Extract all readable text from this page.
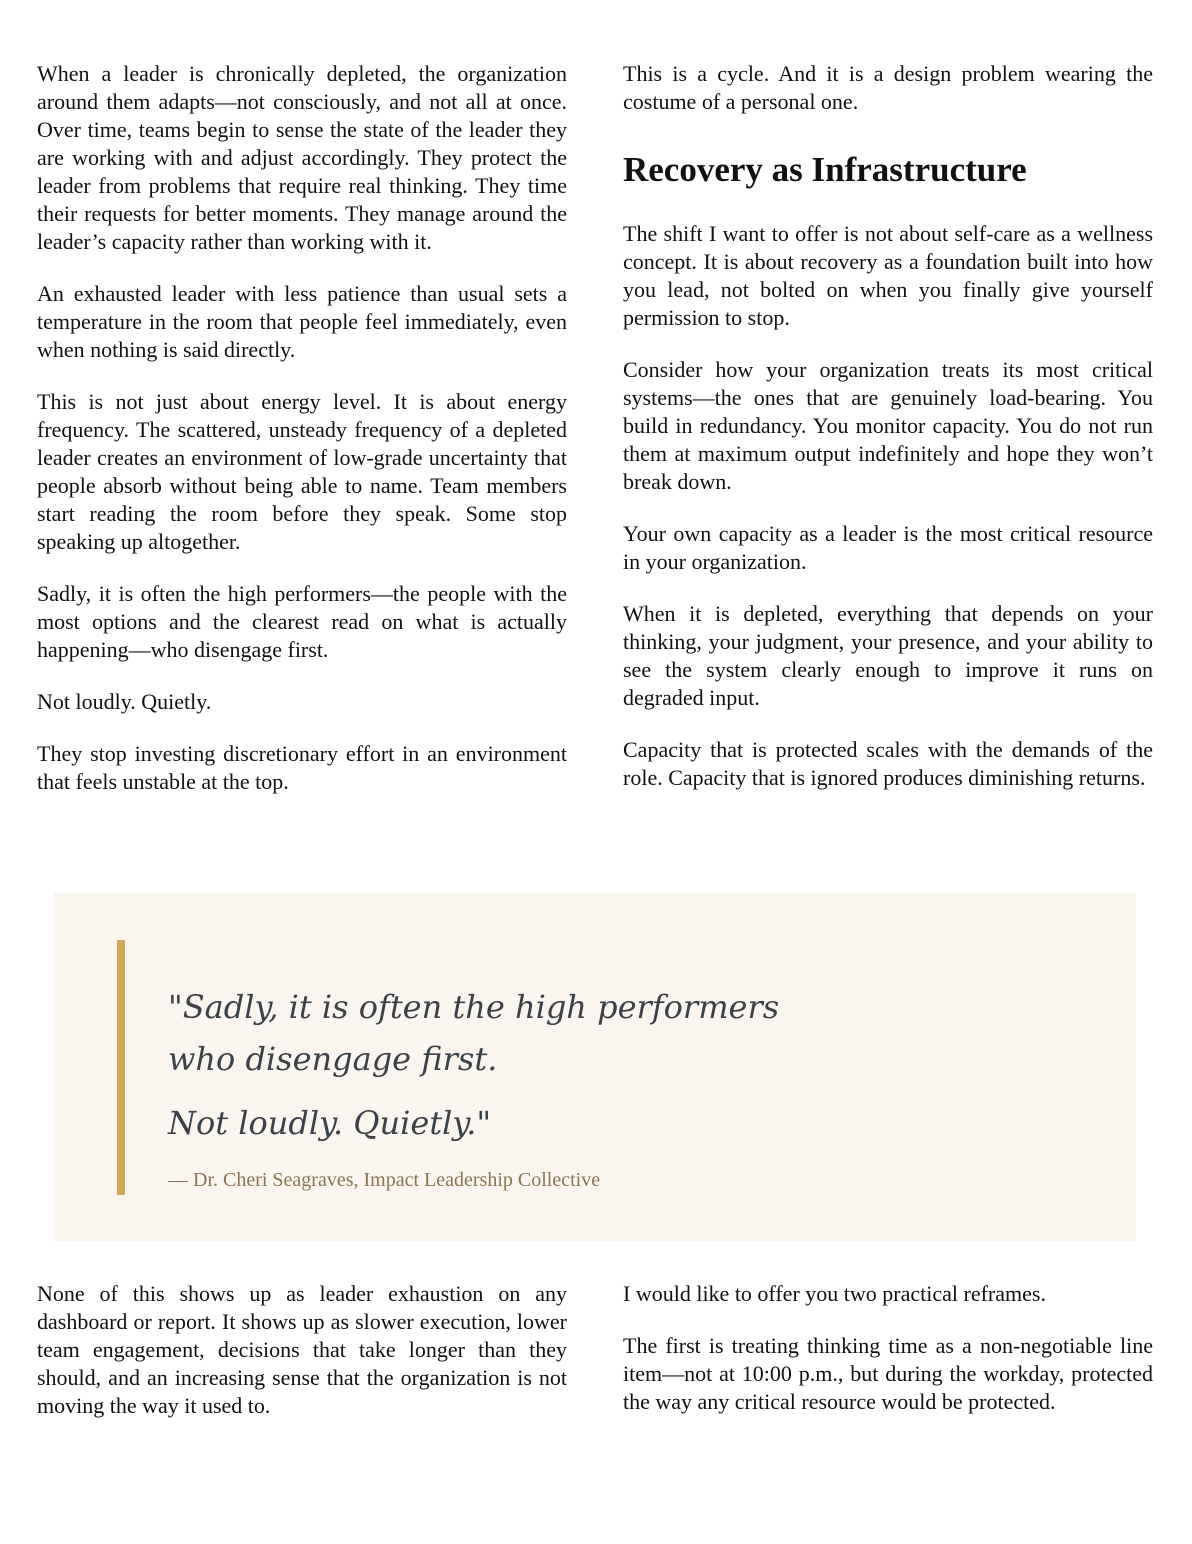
When a leader is chronically depleted, the organization around them adapts—not consciously, and not all at once. Over time, teams begin to sense the state of the leader they are working with and adjust accordingly. They protect the leader from problems that require real thinking. They time their requests for better moments. They manage around the leader’s capacity rather than working with it.

An exhausted leader with less patience than usual sets a temperature in the room that people feel immediately, even when nothing is said directly.

This is not just about energy level. It is about energy frequency. The scattered, unsteady frequency of a depleted leader creates an environment of low-grade uncertainty that people absorb without being able to name. Team members start reading the room before they speak. Some stop speaking up altogether.

Sadly, it is often the high performers—the people with the most options and the clearest read on what is actually happening—who disengage first.

Not loudly. Quietly.

They stop investing discretionary effort in an environment that feels unstable at the top.

This is a cycle. And it is a design problem wearing the costume of a personal one.

Recovery as Infrastructure

The shift I want to offer is not about self-care as a wellness concept. It is about recovery as a foundation built into how you lead, not bolted on when you finally give yourself permission to stop.

Consider how your organization treats its most critical systems—the ones that are genuinely load-bearing. You build in redundancy. You monitor capacity. You do not run them at maximum output indefinitely and hope they won’t break down.

Your own capacity as a leader is the most critical resource in your organization.

When it is depleted, everything that depends on your thinking, your judgment, your presence, and your ability to see the system clearly enough to improve it runs on degraded input.

Capacity that is protected scales with the demands of the role. Capacity that is ignored produces diminishing returns.

"Sadly, it is often the high performers
who disengage first.
Not loudly. Quietly."
— Dr. Cheri Seagraves, Impact Leadership Collective

None of this shows up as leader exhaustion on any dashboard or report. It shows up as slower execution, lower team engagement, decisions that take longer than they should, and an increasing sense that the organization is not moving the way it used to.

I would like to offer you two practical reframes.

The first is treating thinking time as a non-negotiable line item—not at 10:00 p.m., but during the workday, protected the way any critical resource would be protected.
